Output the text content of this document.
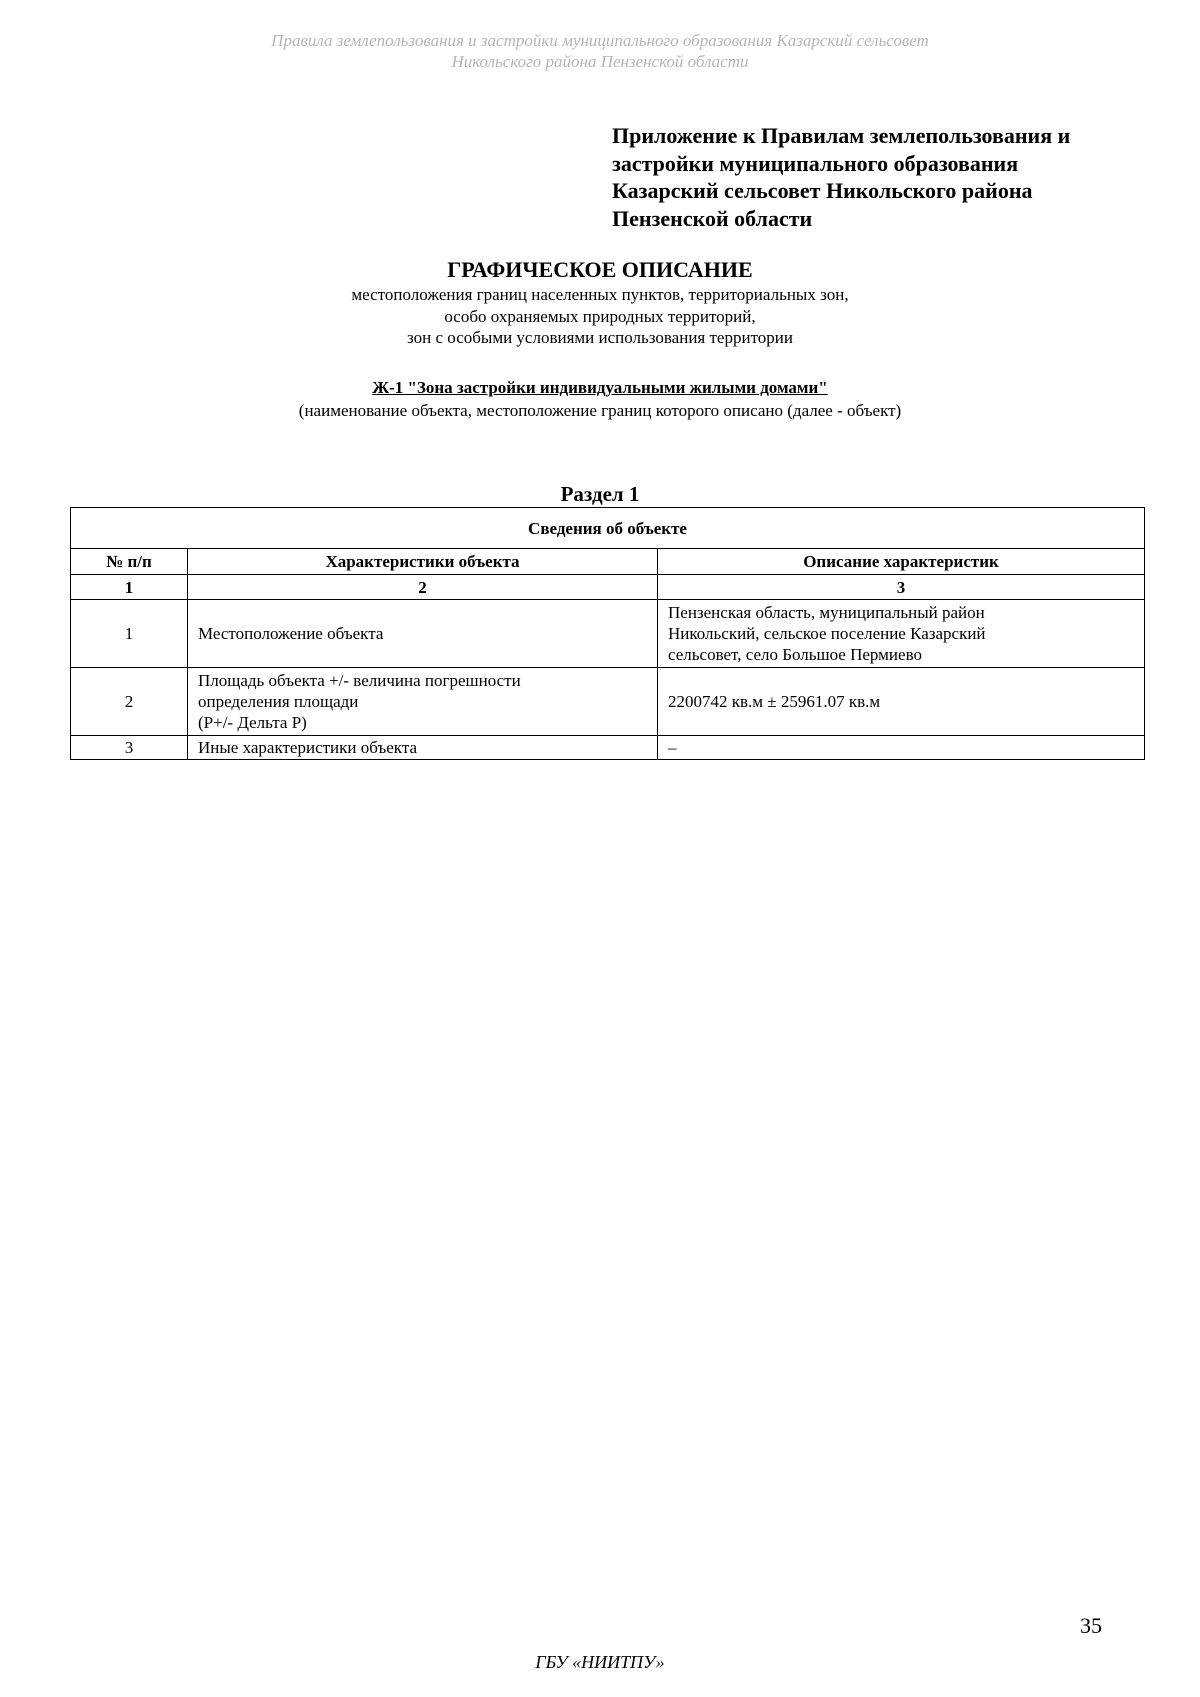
Правила землепользования и застройки муниципального образования Казарский сельсовет
Никольского района Пензенской области
Приложение к Правилам землепользования и
застройки муниципального образования
Казарский сельсовет Никольского района
Пензенской области
ГРАФИЧЕСКОЕ ОПИСАНИЕ
местоположения границ населенных пунктов, территориальных зон,
особо охраняемых природных территорий,
зон с особыми условиями использования территории
Ж-1 "Зона застройки индивидуальными жилыми домами"
(наименование объекта, местоположение границ которого описано (далее - объект)
Раздел 1
Сведения об объекте		
№ п/п	Характеристики объекта	Описание характеристик
1	2	3
1	Местоположение объекта	Пензенская область, муниципальный район
Никольский, сельское поселение Казарский
сельсовет, село Большое Пермиево

2	Площадь объекта +/- величина погрешности
определения площади
(P+/- Дельта P)	2200742 кв.м ± 25961.07 кв.м

3	Иные характеристики объекта	–
35
ГБУ «НИИТПУ»
